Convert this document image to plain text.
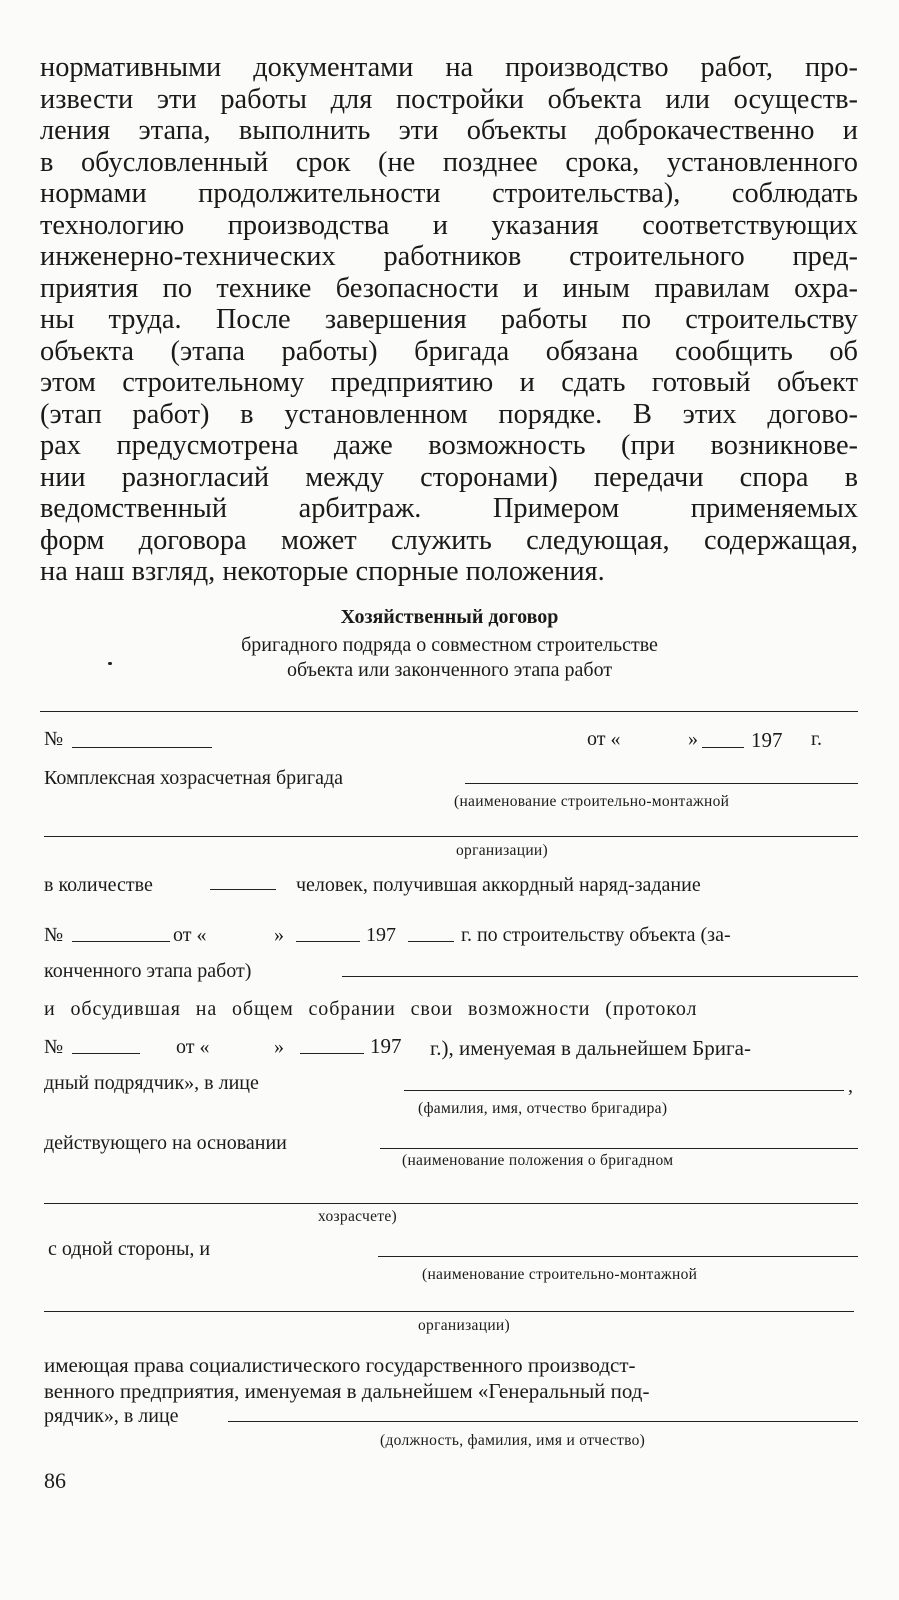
нормативными документами на производство работ, про-
извести эти работы для постройки объекта или осуществ-
ления этапа, выполнить эти объекты доброкачественно и
в обусловленный срок (не позднее срока, установленного
нормами продолжительности строительства), соблюдать
технологию производства и указания соответствующих
инженерно-технических работников строительного пред-
приятия по технике безопасности и иным правилам охра-
ны труда. После завершения работы по строительству
объекта (этапа работы) бригада обязана сообщить об
этом строительному предприятию и сдать готовый объект
(этап работ) в установленном порядке. В этих догово-
рах предусмотрена даже возможность (при возникнове-
нии разногласий между сторонами) передачи спора в
ведомственный арбитраж. Примером применяемых
форм договора может служить следующая, содержащая,
на наш взгляд, некоторые спорные положения.
Хозяйственный договор
бригадного подряда о совместном строительстве
объекта или законченного этапа работ
№	от «	»	197 г.
Комплексная хозрасчетная бригада
(наименование строительно-монтажной
организации)
в количестве	человек, получившая аккордный наряд-задание
№	от «	»	197	г. по строительству объекта (за-
конченного этапа работ)
и обсудившая на общем собрании свои возможности (протокол
№	от «	»	197 г.), именуемая в дальнейшем Брига-
дный подрядчик», в лице	,
(фамилия, имя, отчество бригадира)
действующего на основании
(наименование положения о бригадном
хозрасчете)
с одной стороны, и
(наименование строительно-монтажной
организации)
имеющая права социалистического государственного производст-
венного предприятия, именуемая в дальнейшем «Генеральный под-
рядчик», в лице
(должность, фамилия, имя и отчество)
86
